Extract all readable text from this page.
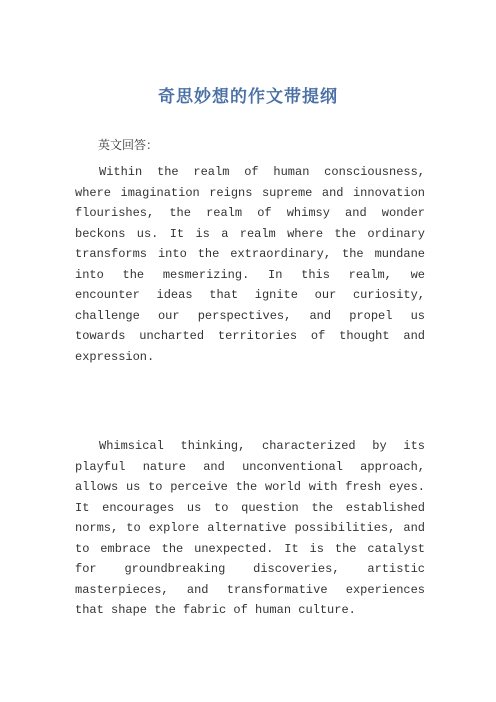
奇思妙想的作文带提纲

英文回答：

Within the realm of human consciousness, where imagination reigns supreme and innovation flourishes, the realm of whimsy and wonder beckons us. It is a realm where the ordinary transforms into the extraordinary, the mundane into the mesmerizing. In this realm, we encounter ideas that ignite our curiosity, challenge our perspectives, and propel us towards uncharted territories of thought and expression.

Whimsical thinking, characterized by its playful nature and unconventional approach, allows us to perceive the world with fresh eyes. It encourages us to question the established norms, to explore alternative possibilities, and to embrace the unexpected. It is the catalyst for groundbreaking discoveries, artistic masterpieces, and transformative experiences that shape the fabric of human culture.
